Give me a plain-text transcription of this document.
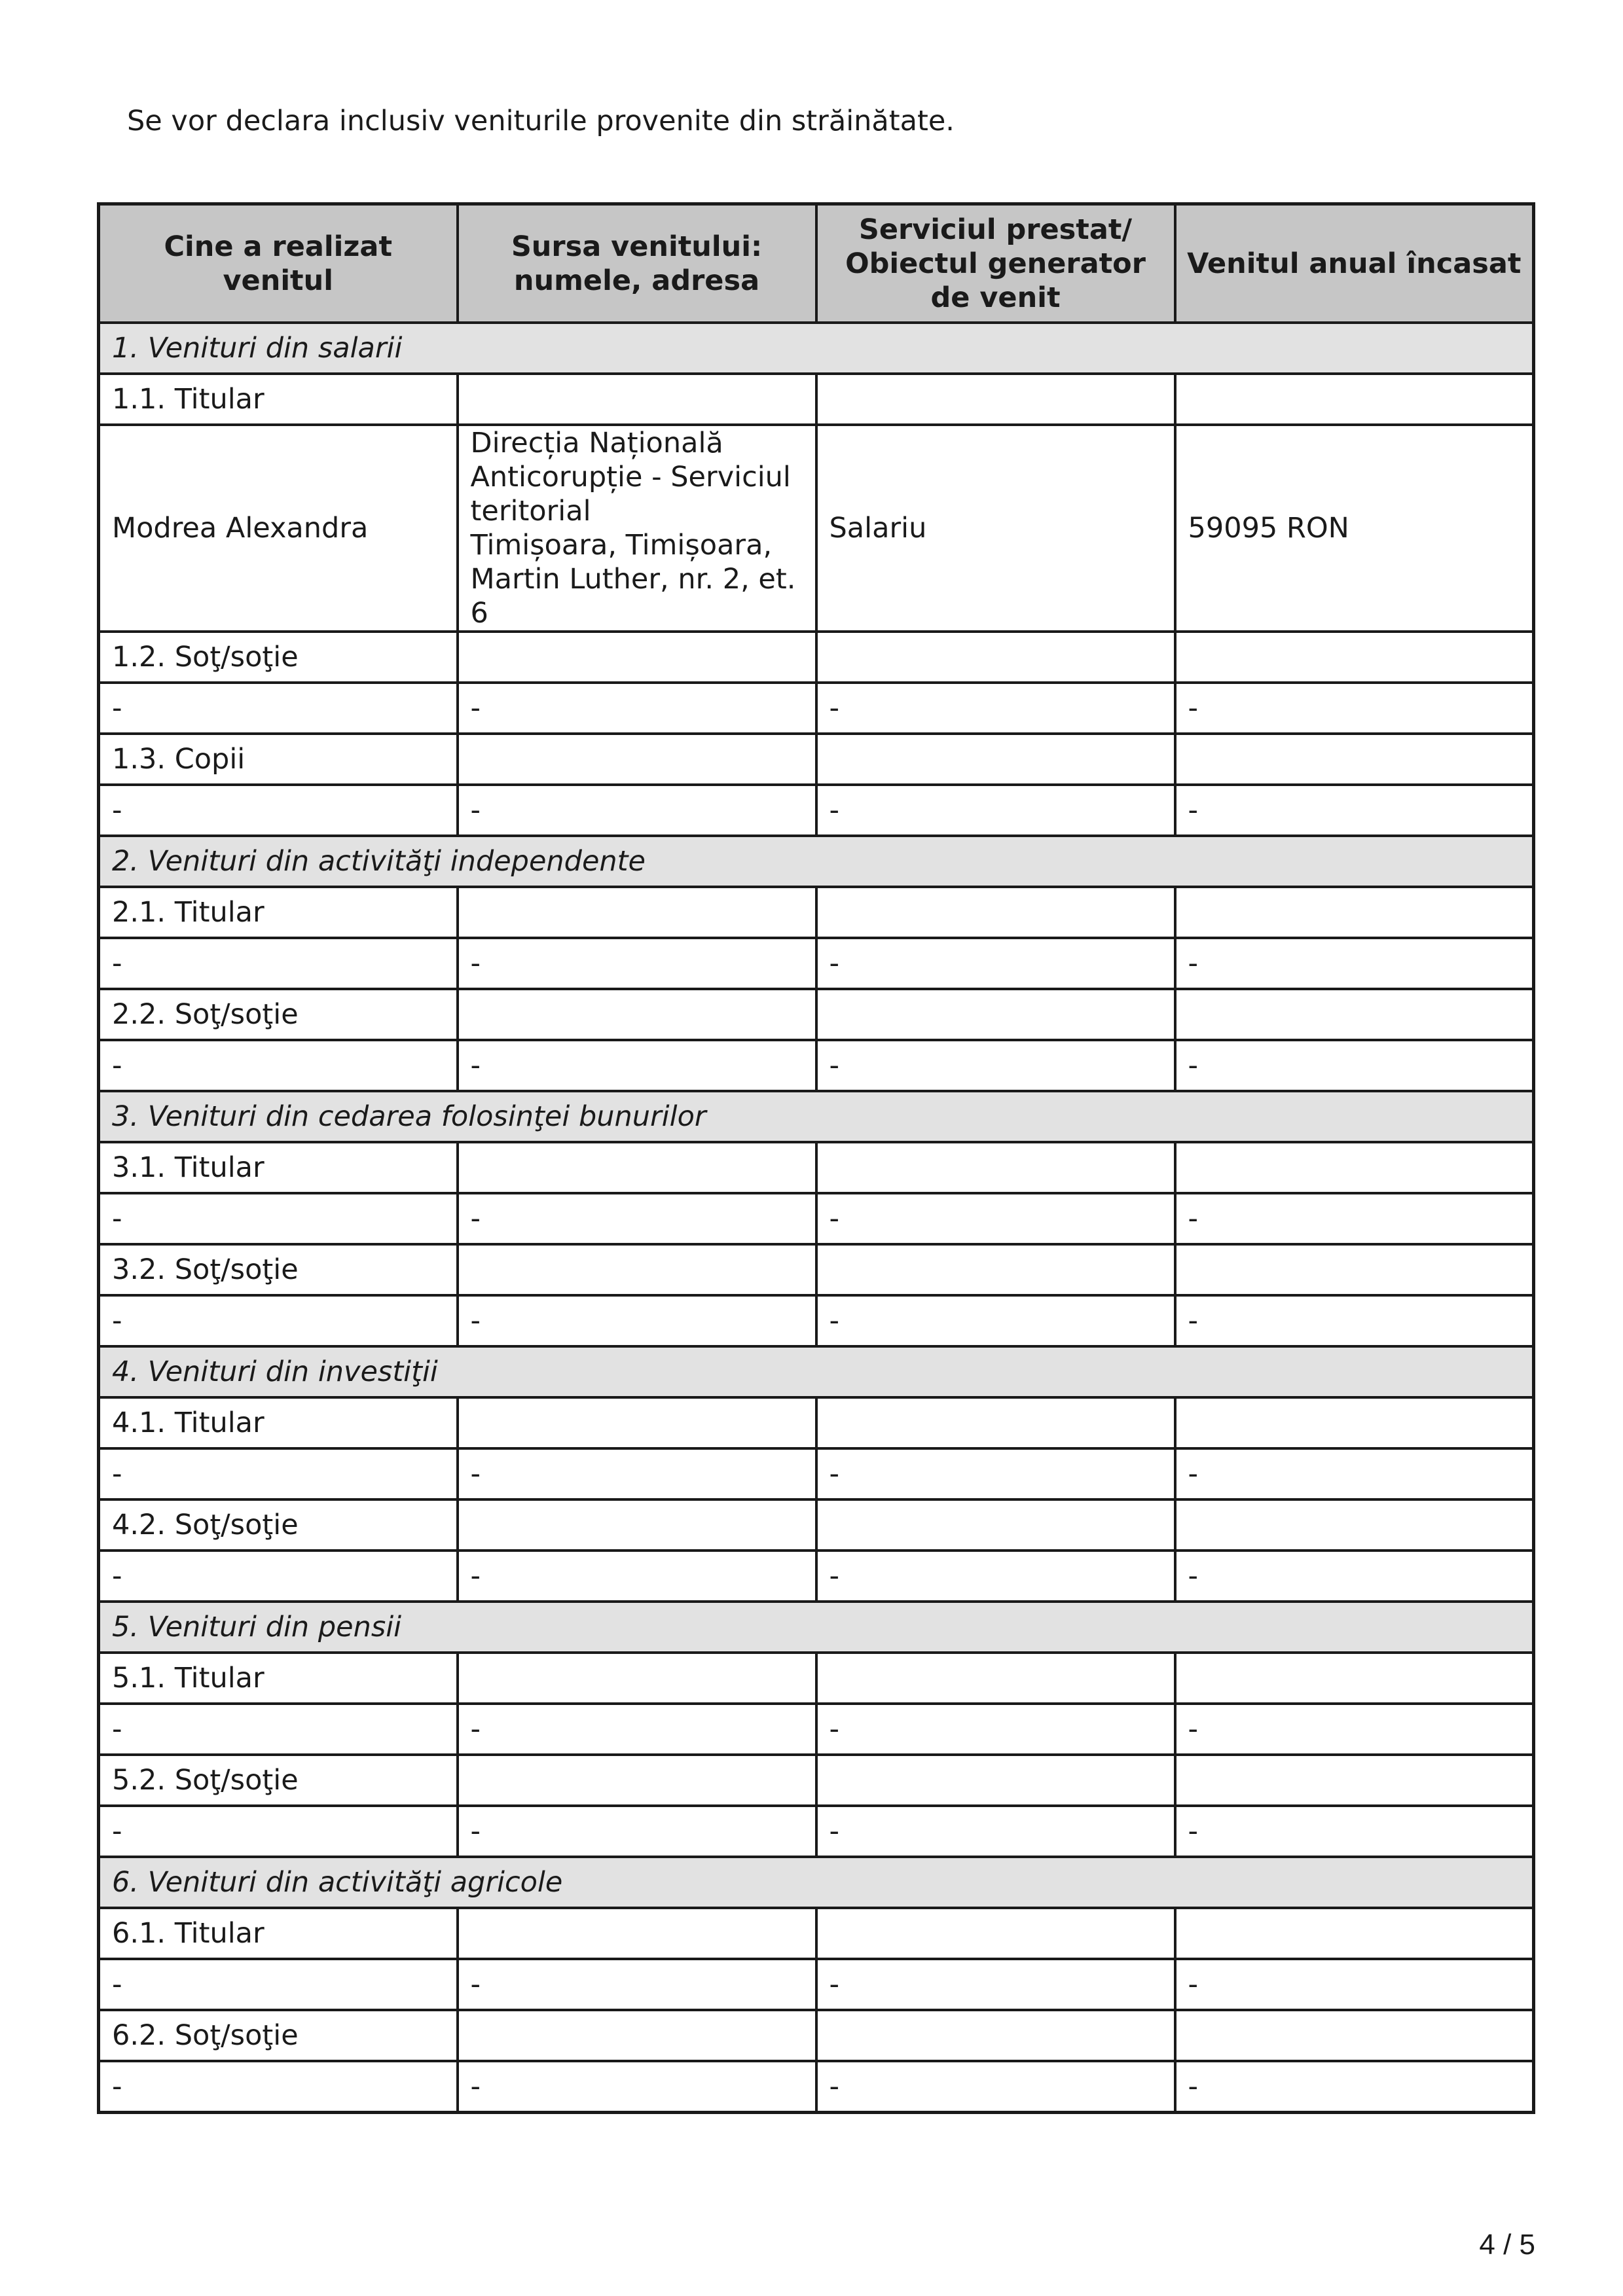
Se vor declara inclusiv veniturile provenite din străinătate.
Cine a realizat venitul	Sursa venitului: numele, adresa	Serviciul prestat/ Obiectul generator de venit	Venitul anual încasat
1. Venituri din salarii			
1.1. Titular			
Modrea Alexandra	Direcția Națională
Anticorupție - Serviciul
teritorial
Timișoara, Timișoara,
Martin Luther, nr. 2, et. 6	Salariu	59095 RON
1.2. Soţ/soţie			
-	-	-	-
1.3. Copii			
-	-	-	-
2. Venituri din activităţi independente			
2.1. Titular			
-	-	-	-
2.2. Soţ/soţie			
-	-	-	-
3. Venituri din cedarea folosinţei bunurilor			
3.1. Titular			
-	-	-	-
3.2. Soţ/soţie			
-	-	-	-
4. Venituri din investiţii			
4.1. Titular			
-	-	-	-
4.2. Soţ/soţie			
-	-	-	-
5. Venituri din pensii			
5.1. Titular			
-	-	-	-
5.2. Soţ/soţie			
-	-	-	-
6. Venituri din activităţi agricole			
6.1. Titular			
-	-	-	-
6.2. Soţ/soţie			
-	-	-	-
4 / 5
